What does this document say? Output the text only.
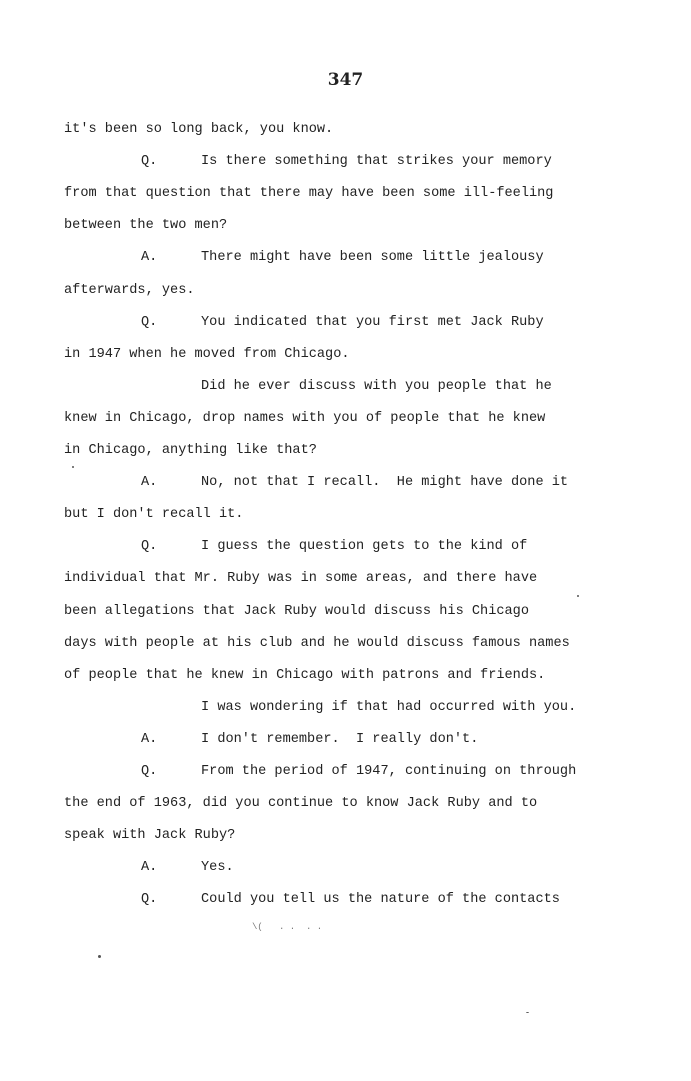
347
it's been so long back, you know.
Q.	Is there something that strikes your memory
from that question that there may have been some ill-feeling
between the two men?
A.	There might have been some little jealousy
afterwards, yes.
Q.	You indicated that you first met Jack Ruby
in 1947 when he moved from Chicago.
Did he ever discuss with you people that he
knew in Chicago, drop names with you of people that he knew
in Chicago, anything like that?
A.	No, not that I recall.  He might have done it
but I don't recall it.
Q.	I guess the question gets to the kind of
individual that Mr. Ruby was in some areas, and there have
been allegations that Jack Ruby would discuss his Chicago
days with people at his club and he would discuss famous names
of people that he knew in Chicago with patrons and friends.
I was wondering if that had occurred with you.
A.	I don't remember.  I really don't.
Q.	From the period of 1947, continuing on through
the end of 1963, did you continue to know Jack Ruby and to
speak with Jack Ruby?
A.	Yes.
Q.	Could you tell us the nature of the contacts
\(   . .  . .
